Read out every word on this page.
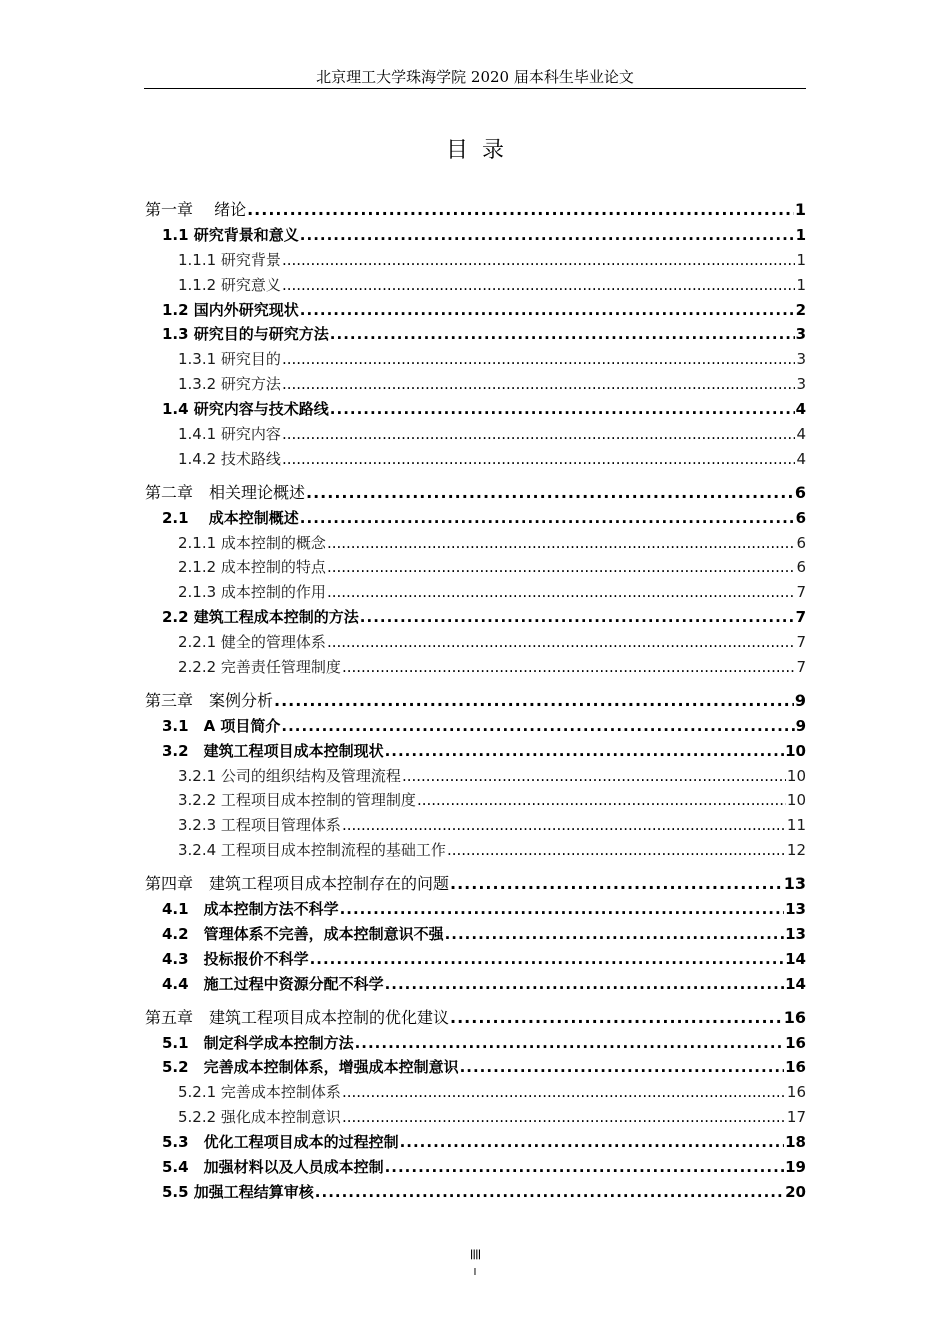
北京理工大学珠海学院 2020 届本科生毕业论文
目录
第一章　 绪论 .....	1
1.1 研究背景和意义 .....	1
1.1.1 研究背景 .....	1
1.1.2 研究意义 .....	1
1.2 国内外研究现状 .....	2
1.3 研究目的与研究方法 .....	3
1.3.1 研究目的 .....	3
1.3.2 研究方法 .....	3
1.4 研究内容与技术路线 .....	4
1.4.1 研究内容 .....	4
1.4.2 技术路线 .....	4
第二章　相关理论概述 .....	6
2.1　 成本控制概述 .....	6
2.1.1 成本控制的概念 .....	6
2.1.2 成本控制的特点 .....	6
2.1.3 成本控制的作用 .....	7
2.2 建筑工程成本控制的方法 .....	7
2.2.1 健全的管理体系 .....	7
2.2.2 完善责任管理制度 .....	7
第三章　案例分析 .....	9
3.1　A 项目简介 .....	9
3.2　建筑工程项目成本控制现状 .....	10
3.2.1 公司的组织结构及管理流程 .....	10
3.2.2 工程项目成本控制的管理制度 .....	10
3.2.3 工程项目管理体系 .....	11
3.2.4 工程项目成本控制流程的基础工作 .....	12
第四章　建筑工程项目成本控制存在的问题 .....	13
4.1　成本控制方法不科学 .....	13
4.2　管理体系不完善，成本控制意识不强 .....	13
4.3　投标报价不科学 .....	14
4.4　施工过程中资源分配不科学 .....	14
第五章　建筑工程项目成本控制的优化建议 .....	16
5.1　制定科学成本控制方法 .....	16
5.2　完善成本控制体系，增强成本控制意识 .....	16
5.2.1 完善成本控制体系 .....	16
5.2.2 强化成本控制意识 .....	17
5.3　优化工程项目成本的过程控制 .....	18
5.4　加强材料以及人员成本控制 .....	19
5.5 加强工程结算审核 .....	20
||||
I
